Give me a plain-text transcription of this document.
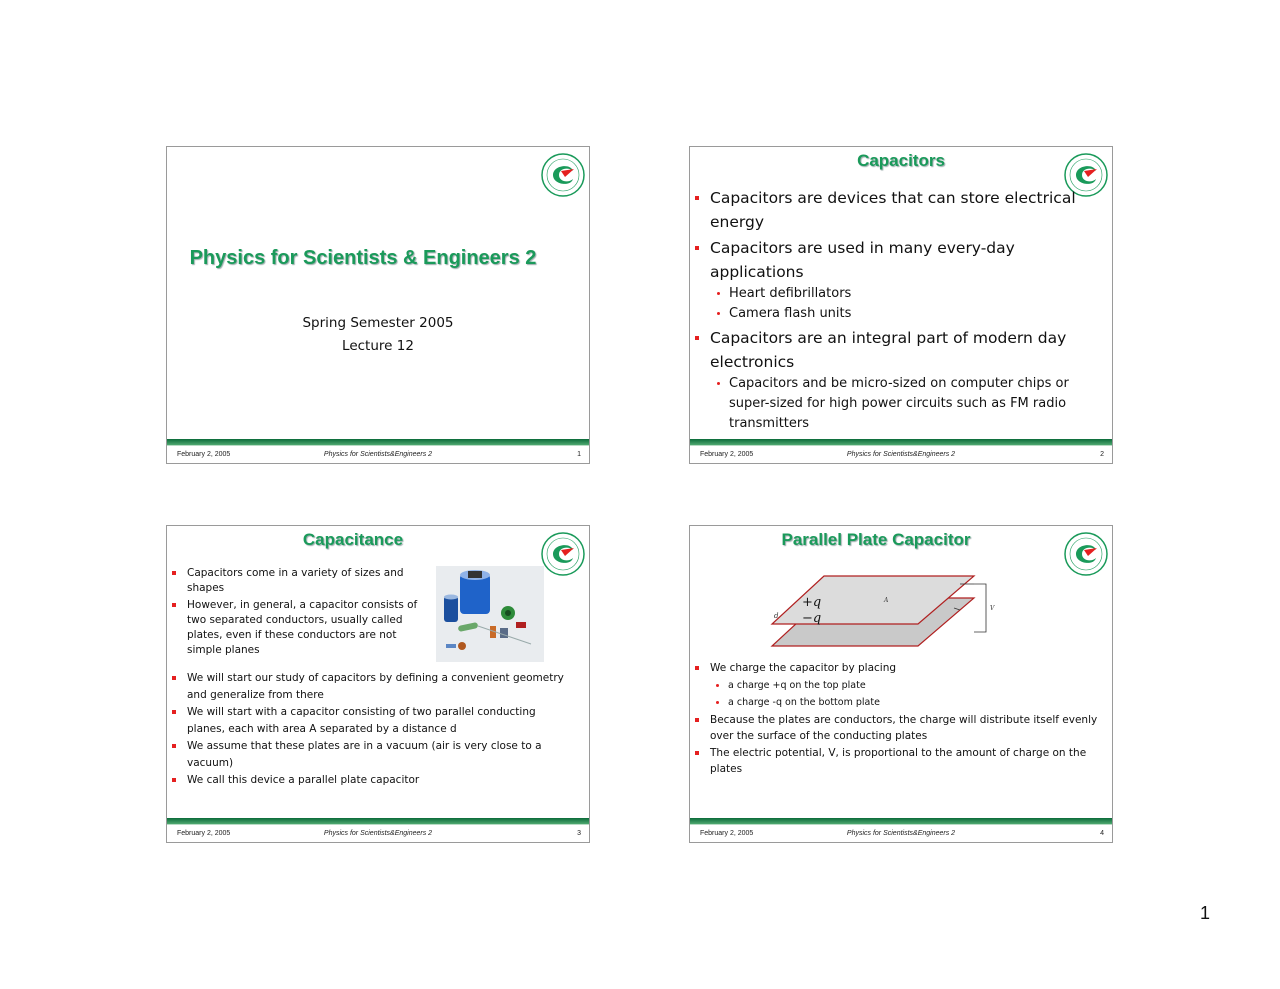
Physics for Scientists & Engineers 2
Spring Semester 2005
Lecture 12
February 2, 2005	Physics for Scientists&Engineers 2	1
Capacitors
Capacitors are devices that can store electrical energy
Capacitors are used in many every-day applications
Heart defibrillators
Camera flash units
Capacitors are an integral part of modern day electronics
Capacitors and be micro-sized on computer chips or super-sized for high power circuits such as FM radio transmitters
February 2, 2005	Physics for Scientists&Engineers 2	2
Capacitance
Capacitors come in a variety of sizes and shapes
However, in general, a capacitor consists of two separated conductors, usually called plates, even if these conductors are not simple planes
We will start our study of capacitors by defining a convenient geometry and generalize from there
We will start with a capacitor consisting of two parallel conducting planes, each with area A separated by a distance d
We assume that these plates are in a vacuum (air is very close to a vacuum)
We call this device a parallel plate capacitor
February 2, 2005	Physics for Scientists&Engineers 2	3
Parallel Plate Capacitor
+q
−q
A
d
V
We charge the capacitor by placing
a charge +q on the top plate
a charge -q on the bottom plate
Because the plates are conductors, the charge will distribute itself evenly over the surface of the conducting plates
The electric potential, V, is proportional to the amount of charge on the plates
February 2, 2005	Physics for Scientists&Engineers 2	4
1
